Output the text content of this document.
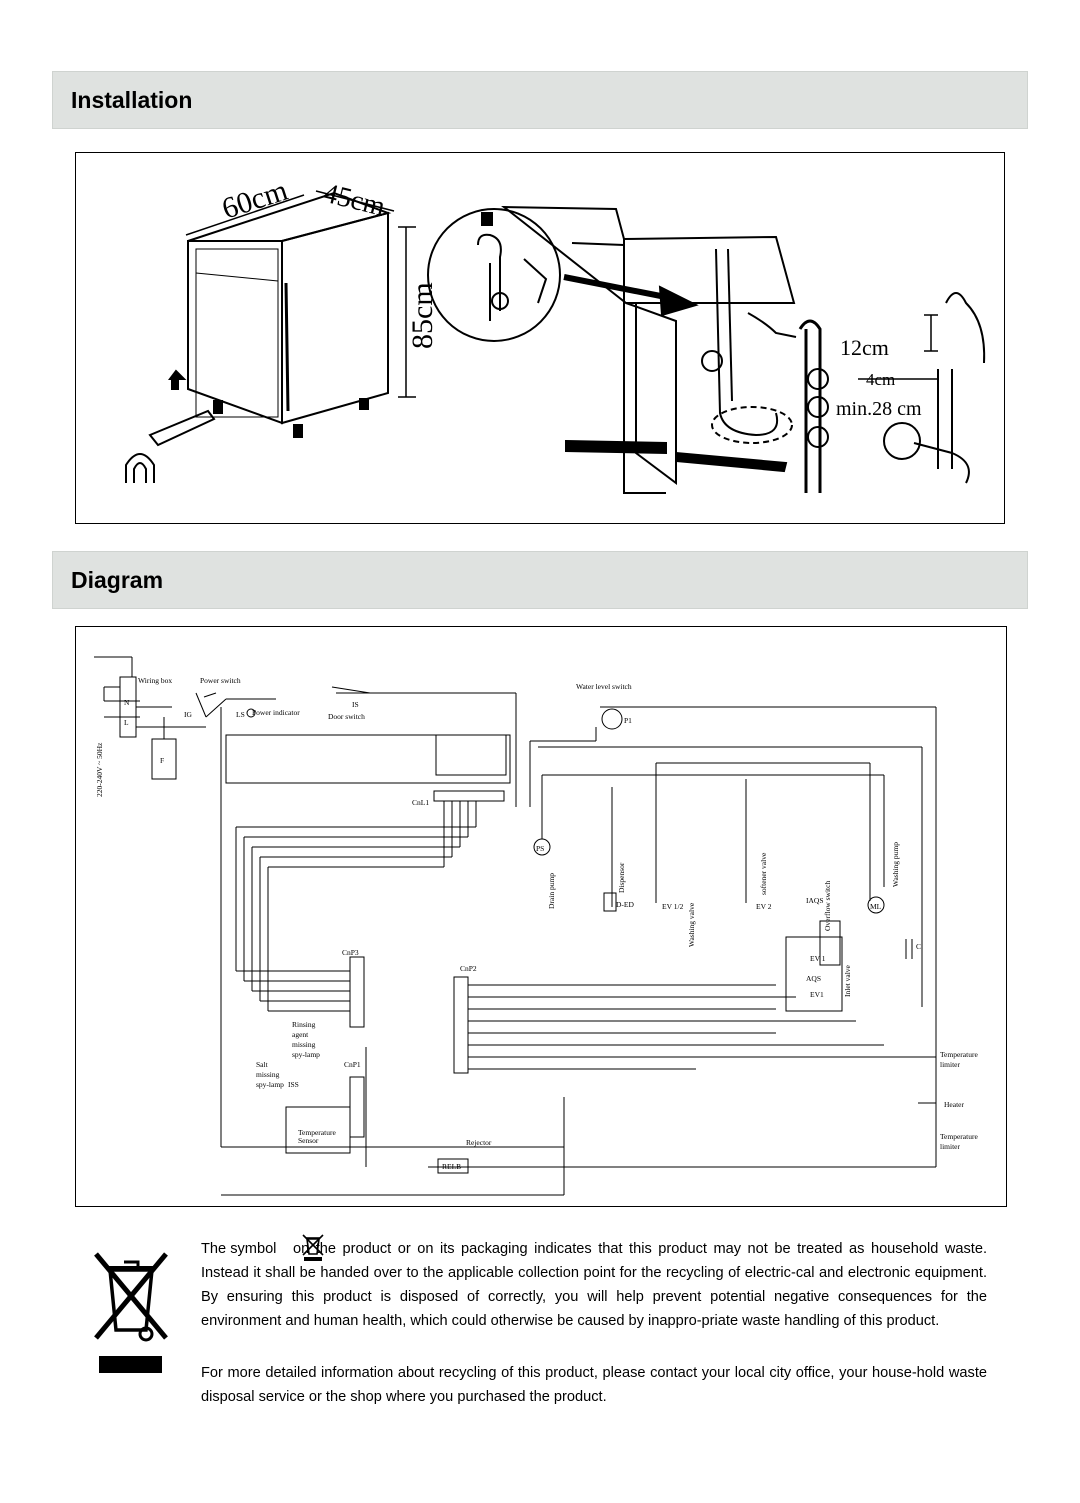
Installation
60cm 45cm
85cm	12cm
4cm
min.28 cm
Diagram
Wiring box	Power switch
N
L
IG	LS Power indicator
IS
Door switch
F
220-240V ~ 50Hz
CnL1
Water level switch
P1
PS
Drain pump	Dispensor
D-ED	EV 1/2 Washing valve
softener valve
EV 2	Overflow switch
IAQS
Washing pump
ML
C
EV 1
AQS
EV1	Inlet valve
CnP3
CnP2
CnP1
Rinsing
agent
missing
spy-lamp
Salt
missing
spy-lamp ISS
Temperature
Sensor	Rejector
RELB
Temperature
limiter
Heater
Temperature
limiter
The symbol on the product or on its packaging indicates that this product may not be treated as household waste. Instead it shall be handed over to the applicable collection point for the recycling of electric-cal and electronic equipment. By ensuring this product is disposed of correctly, you will help prevent potential negative consequences for the environment and human health, which could otherwise be caused by inappro-priate waste handling of this product.
For more detailed information about recycling of this product, please contact your local city office, your house-hold waste disposal service or the shop where you purchased the product.
